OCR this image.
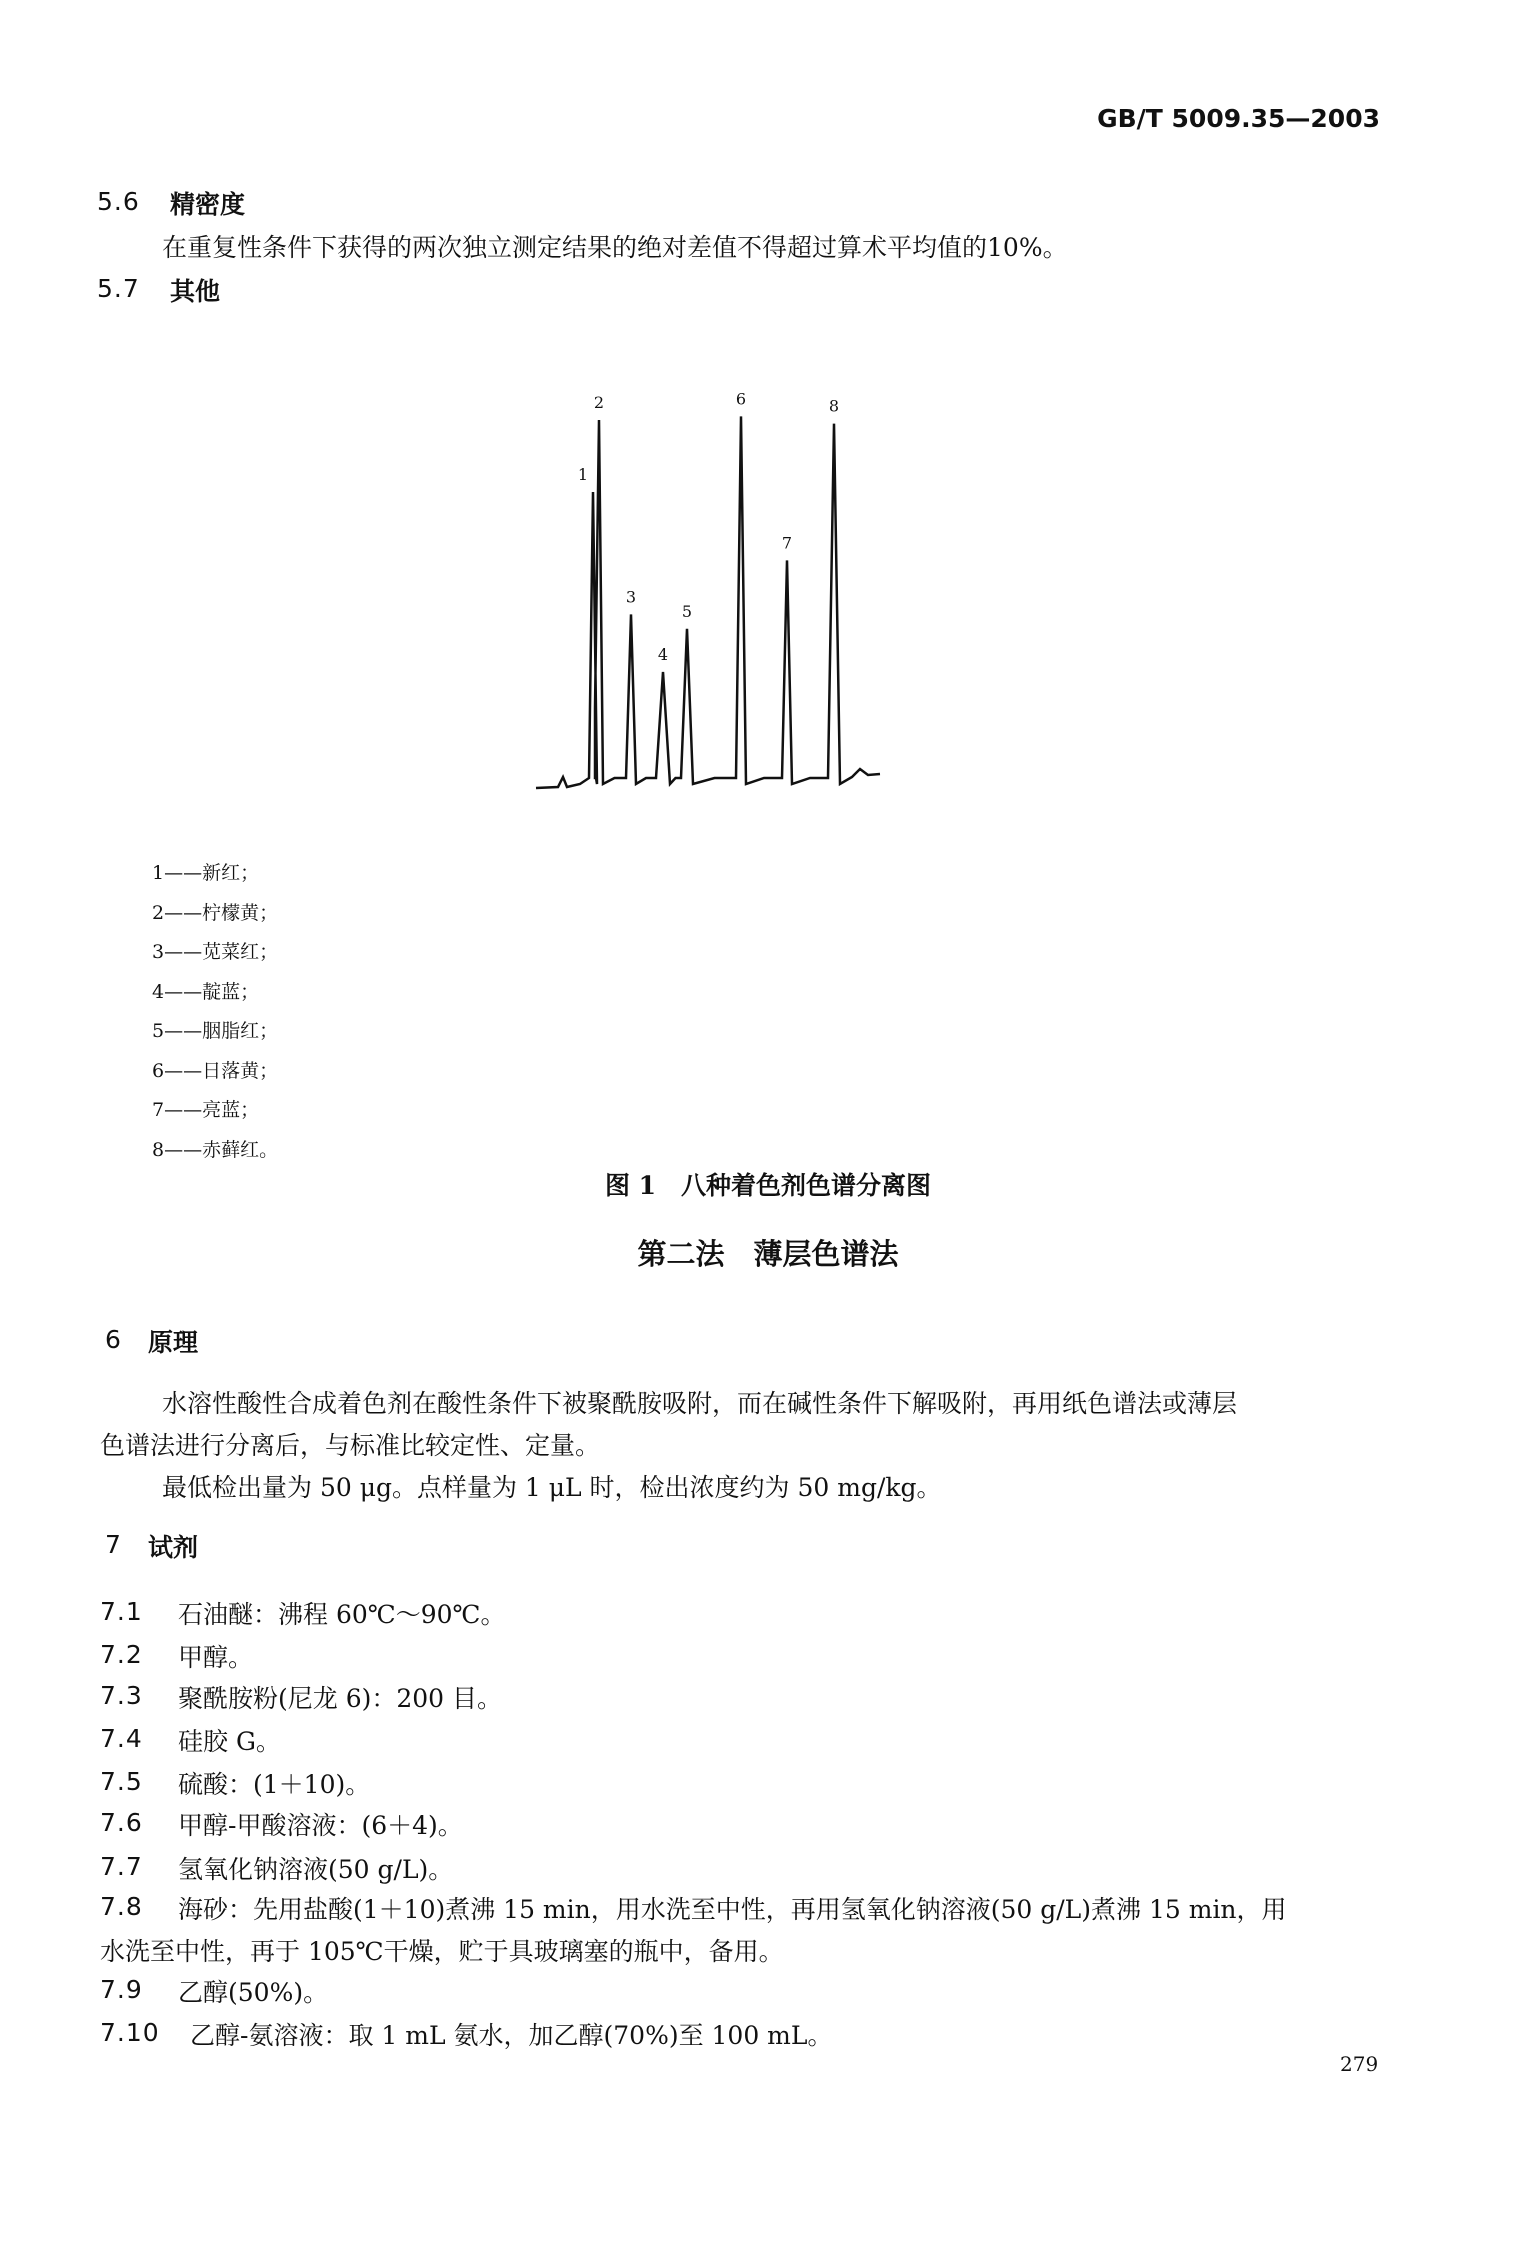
GB/T 5009.35—2003
5.6 精密度
在重复性条件下获得的两次独立测定结果的绝对差值不得超过算术平均值的10%。
5.7 其他
1
2
3
4
5
6
7
8
1——新红；
2——柠檬黄；
3——苋菜红；
4——靛蓝；
5——胭脂红；
6——日落黄；
7——亮蓝；
8——赤藓红。
图 1　八种着色剂色谱分离图
第二法　薄层色谱法
6 原理
水溶性酸性合成着色剂在酸性条件下被聚酰胺吸附，而在碱性条件下解吸附，再用纸色谱法或薄层
色谱法进行分离后，与标准比较定性、定量。
最低检出量为 50 μg。点样量为 1 μL 时，检出浓度约为 50 mg/kg。
7 试剂
7.1 石油醚：沸程 60℃～90℃。
7.2 甲醇。
7.3 聚酰胺粉(尼龙 6)：200 目。
7.4 硅胶 G。
7.5 硫酸：(1＋10)。
7.6 甲醇-甲酸溶液：(6＋4)。
7.7 氢氧化钠溶液(50 g/L)。
7.8 海砂：先用盐酸(1＋10)煮沸 15 min，用水洗至中性，再用氢氧化钠溶液(50 g/L)煮沸 15 min，用
水洗至中性，再于 105℃干燥，贮于具玻璃塞的瓶中，备用。
7.9 乙醇(50%)。
7.10 乙醇-氨溶液：取 1 mL 氨水，加乙醇(70%)至 100 mL。
279
